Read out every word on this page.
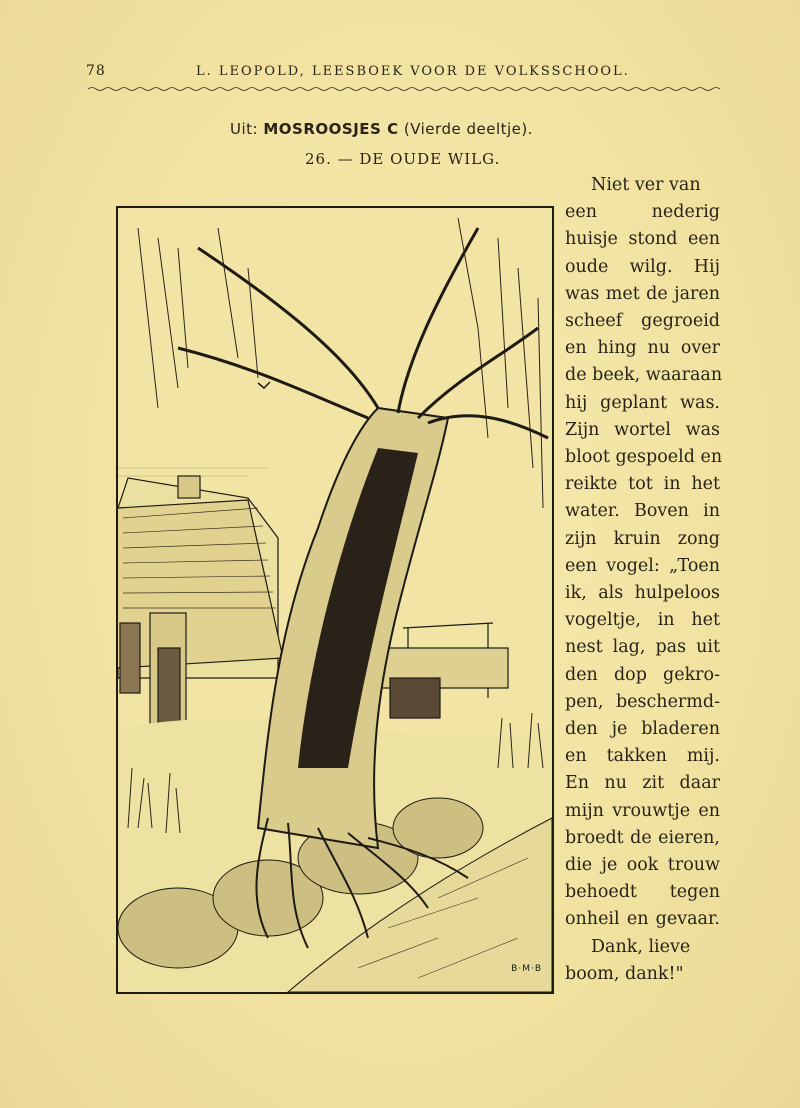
78	L. LEOPOLD, LEESBOEK VOOR DE VOLKSSCHOOL.
Uit: MOSROOSJES C (Vierde deeltje).
26. — DE OUDE WILG.
B·M·B
Niet ver van
een nederig
huisje stond een
oude wilg. Hij
was met de jaren
scheef gegroeid
en hing nu over
de beek, waaraan
hij geplant was.
Zijn wortel was
bloot gespoeld en
reikte tot in het
water. Boven in
zijn kruin zong
een vogel: „Toen
ik, als hulpeloos
vogeltje, in het
nest lag, pas uit
den dop gekro-
pen, beschermd-
den je bladeren
en takken mij.
En nu zit daar
mijn vrouwtje en
broedt de eieren,
die je ook trouw
behoedt tegen
onheil en gevaar.
Dank, lieve
boom, dank!"
